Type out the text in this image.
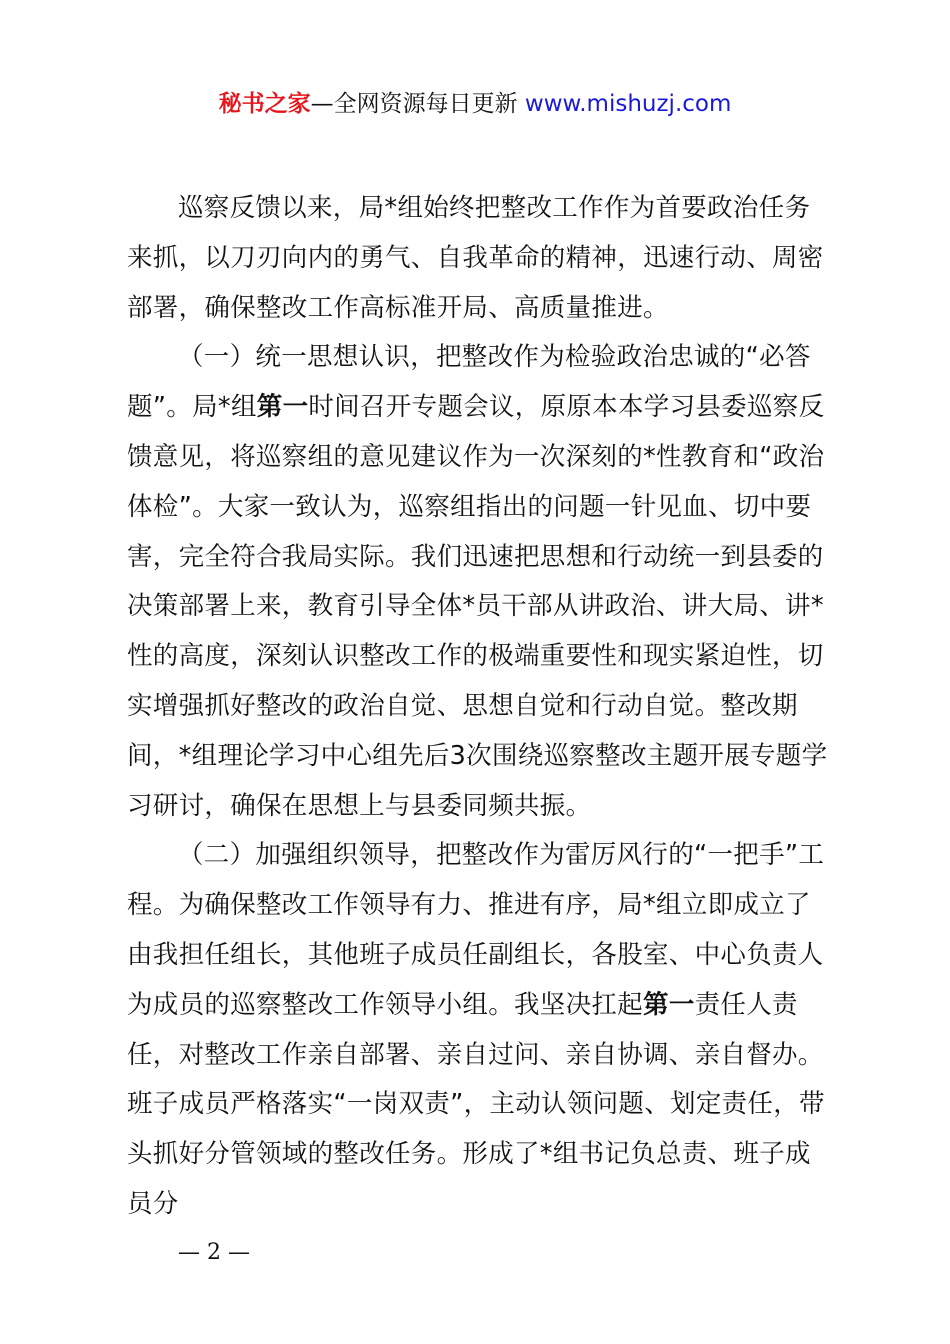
秘书之家—全网资源每日更新 www.mishuzj.com

巡察反馈以来，局*组始终把整改工作作为首要政治任务来抓，以刀刃向内的勇气、自我革命的精神，迅速行动、周密部署，确保整改工作高标准开局、高质量推进。

（一）统一思想认识，把整改作为检验政治忠诚的“必答题”。局*组第一时间召开专题会议，原原本本学习县委巡察反馈意见，将巡察组的意见建议作为一次深刻的*性教育和“政治体检”。大家一致认为，巡察组指出的问题一针见血、切中要害，完全符合我局实际。我们迅速把思想和行动统一到县委的决策部署上来，教育引导全体*员干部从讲政治、讲大局、讲*性的高度，深刻认识整改工作的极端重要性和现实紧迫性，切实增强抓好整改的政治自觉、思想自觉和行动自觉。整改期间，*组理论学习中心组先后3次围绕巡察整改主题开展专题学习研讨，确保在思想上与县委同频共振。

（二）加强组织领导，把整改作为雷厉风行的“一把手”工程。为确保整改工作领导有力、推进有序，局*组立即成立了由我担任组长，其他班子成员任副组长，各股室、中心负责人为成员的巡察整改工作领导小组。我坚决扛起第一责任人责任，对整改工作亲自部署、亲自过问、亲自协调、亲自督办。班子成员严格落实“一岗双责”，主动认领问题、划定责任，带头抓好分管领域的整改任务。形成了*组书记负总责、班子成员分

— 2 —
